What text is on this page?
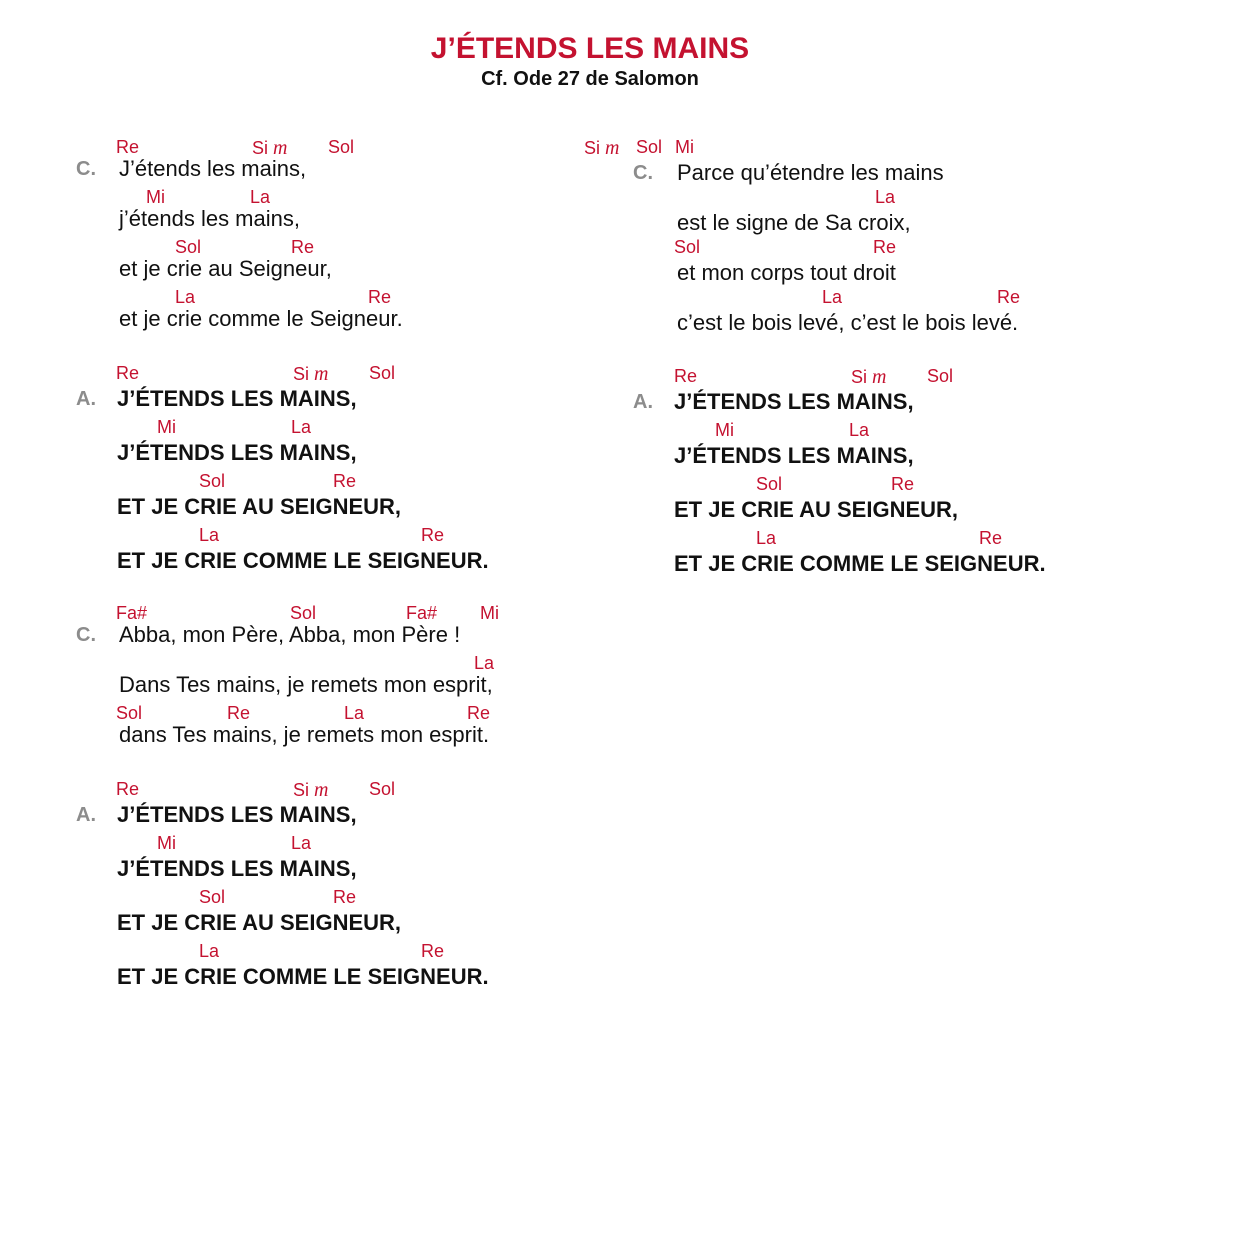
J’ÉTENDS LES MAINS
Cf. Ode 27 de Salomon
C.
Re	Si m Sol
J’étends les mains,
Mi	La
j’étends les mains,
Sol	Re
et je crie au Seigneur,
La	Re
et je crie comme le Seigneur.
A.
Re	Si m Sol
J’ÉTENDS LES MAINS,
Mi	La
J’ÉTENDS LES MAINS,
Sol	Re
ET JE CRIE AU SEIGNEUR,
La	Re
ET JE CRIE COMME LE SEIGNEUR.
C.
Fa#	Sol	Fa# Mi
Abba, mon Père, Abba, mon Père !
La
Dans Tes mains, je remets mon esprit,
Sol	Re	La	Re
dans Tes mains, je remets mon esprit.
A.
Re	Si m Sol
J’ÉTENDS LES MAINS,
Mi	La
J’ÉTENDS LES MAINS,
Sol	Re
ET JE CRIE AU SEIGNEUR,
La	Re
ET JE CRIE COMME LE SEIGNEUR.
C.
Si m Sol Mi
Parce qu’étendre les mains
La
est le signe de Sa croix,
Sol	Re
et mon corps tout droit
La	Re
c’est le bois levé, c’est le bois levé.
A.
Re	Si m Sol
J’ÉTENDS LES MAINS,
Mi	La
J’ÉTENDS LES MAINS,
Sol	Re
ET JE CRIE AU SEIGNEUR,
La	Re
ET JE CRIE COMME LE SEIGNEUR.
